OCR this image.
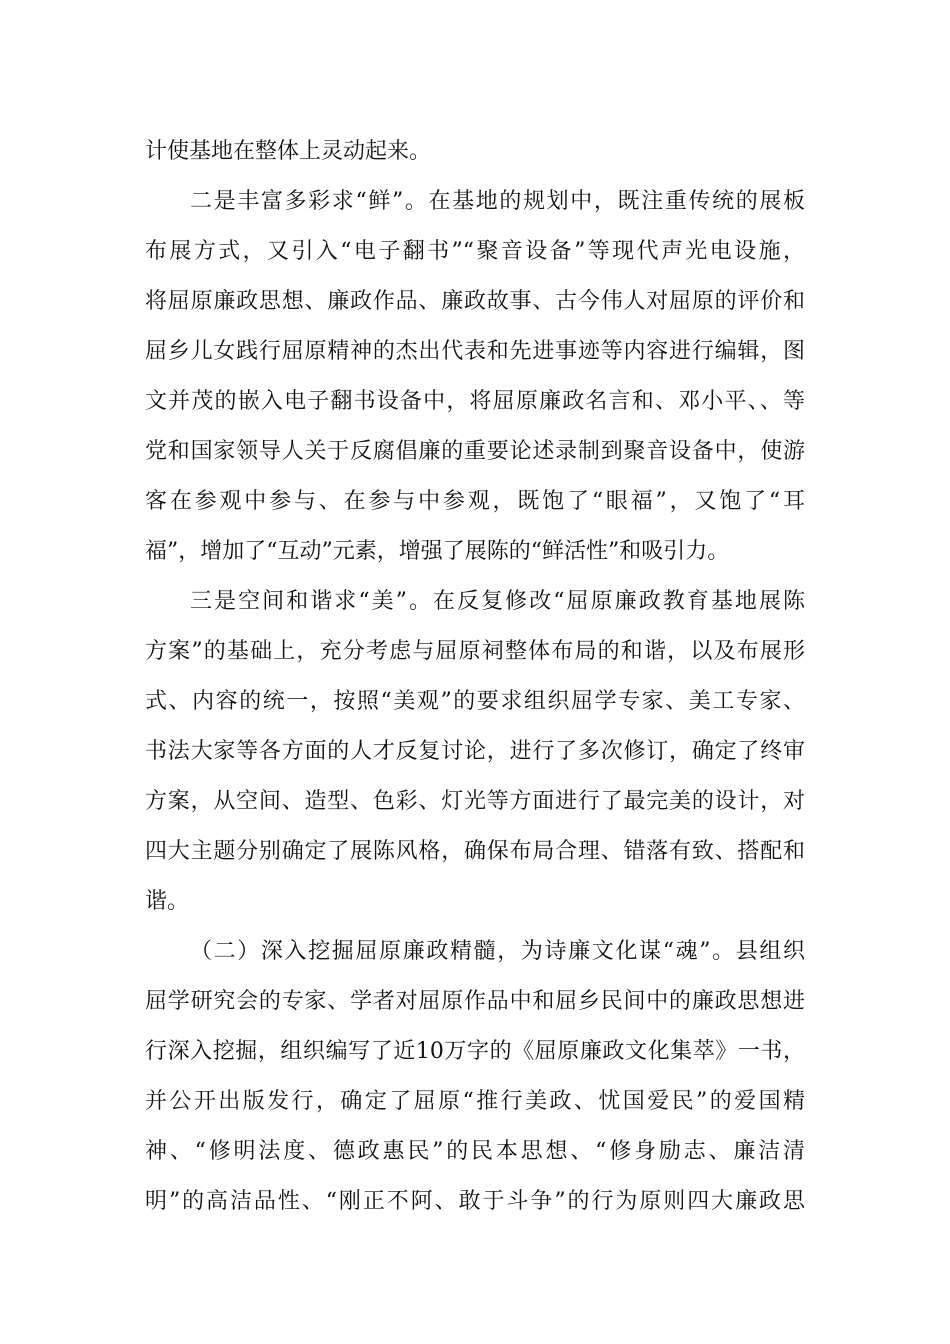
计使基地在整体上灵动起来。
二是丰富多彩求“鲜”。在基地的规划中，既注重传统的展板
布展方式，又引入“电子翻书”“聚音设备”等现代声光电设施，
将屈原廉政思想、廉政作品、廉政故事、古今伟人对屈原的评价和
屈乡儿女践行屈原精神的杰出代表和先进事迹等内容进行编辑，图
文并茂的嵌入电子翻书设备中，将屈原廉政名言和、邓小平、、等
党和国家领导人关于反腐倡廉的重要论述录制到聚音设备中，使游
客在参观中参与、在参与中参观，既饱了“眼福”，又饱了“耳
福”，增加了“互动”元素，增强了展陈的“鲜活性”和吸引力。
三是空间和谐求“美”。在反复修改“屈原廉政教育基地展陈
方案”的基础上，充分考虑与屈原祠整体布局的和谐，以及布展形
式、内容的统一，按照“美观”的要求组织屈学专家、美工专家、
书法大家等各方面的人才反复讨论，进行了多次修订，确定了终审
方案，从空间、造型、色彩、灯光等方面进行了最完美的设计，对
四大主题分别确定了展陈风格，确保布局合理、错落有致、搭配和
谐。
（二）深入挖掘屈原廉政精髓，为诗廉文化谋“魂”。县组织
屈学研究会的专家、学者对屈原作品中和屈乡民间中的廉政思想进
行深入挖掘，组织编写了近10万字的《屈原廉政文化集萃》一书，
并公开出版发行，确定了屈原“推行美政、忧国爱民”的爱国精
神、“修明法度、德政惠民”的民本思想、“修身励志、廉洁清
明”的高洁品性、“刚正不阿、敢于斗争”的行为原则四大廉政思
